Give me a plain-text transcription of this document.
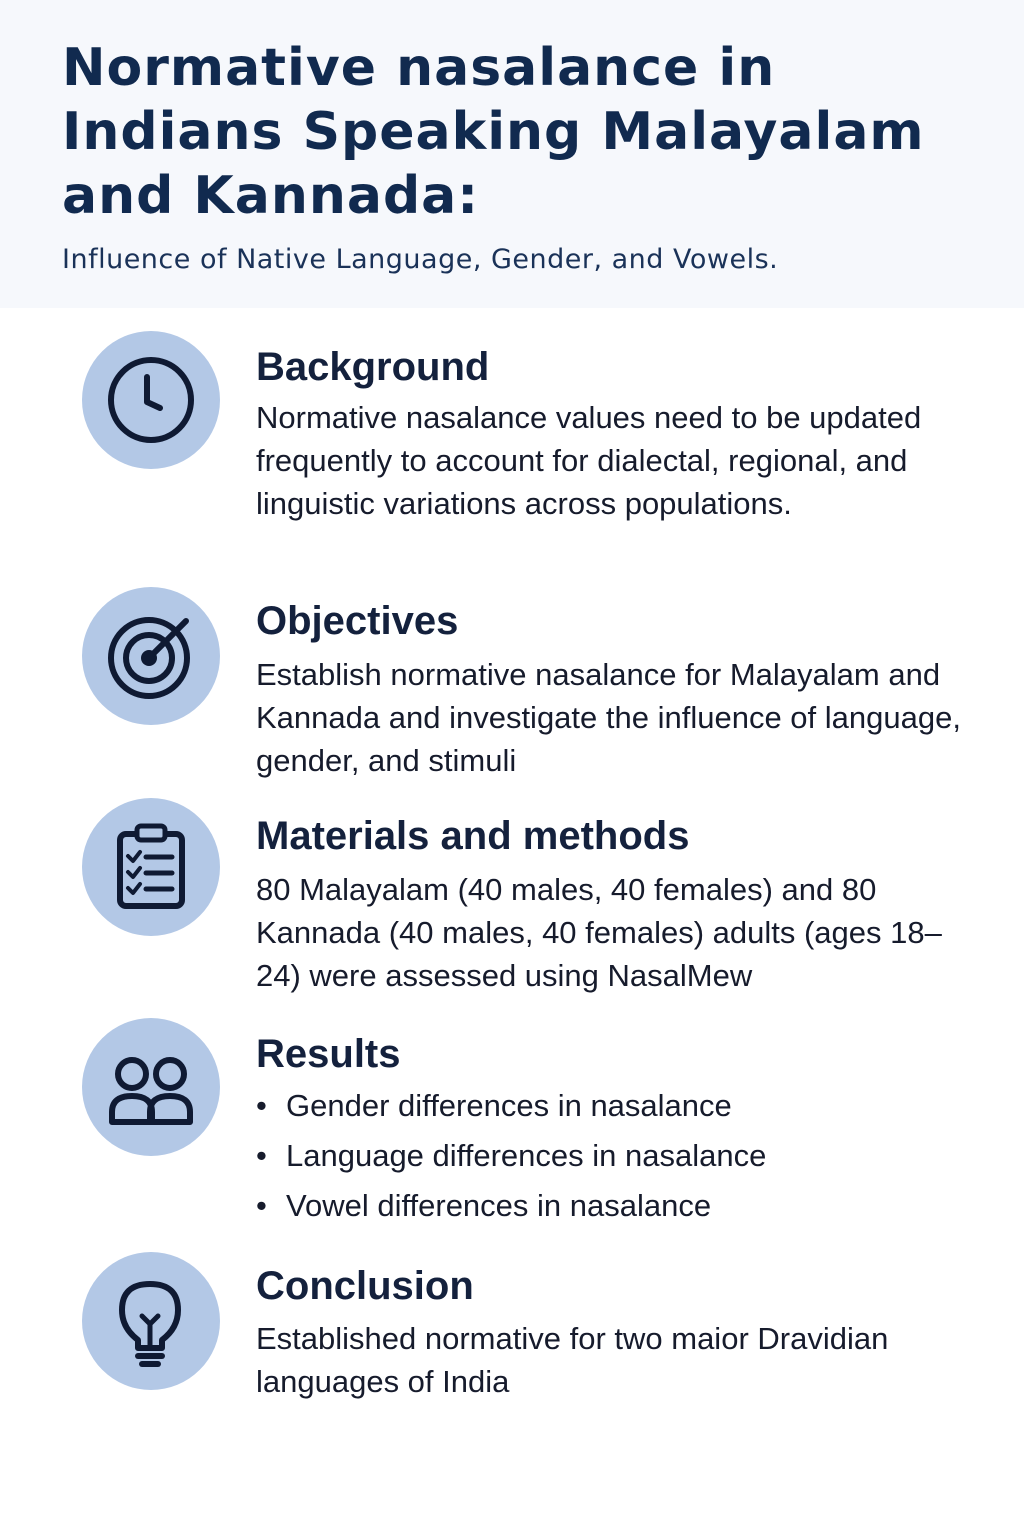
Normative nasalance in Indians Speaking Malayalam and Kannada:

Influence of Native Language, Gender, and Vowels.

Background

Normative nasalance values need to be updated frequently to account for dialectal, regional, and linguistic variations across populations.

Objectives

Establish normative nasalance for Malayalam and Kannada and investigate the influence of language, gender, and stimuli

Materials and methods

80 Malayalam (40 males, 40 females) and 80 Kannada (40 males, 40 females) adults (ages 18–24) were assessed using NasalMew

Results
• Gender differences in nasalance
• Language differences in nasalance
• Vowel differences in nasalance
Conclusion

Established normative for two maior Dravidian languages of India
